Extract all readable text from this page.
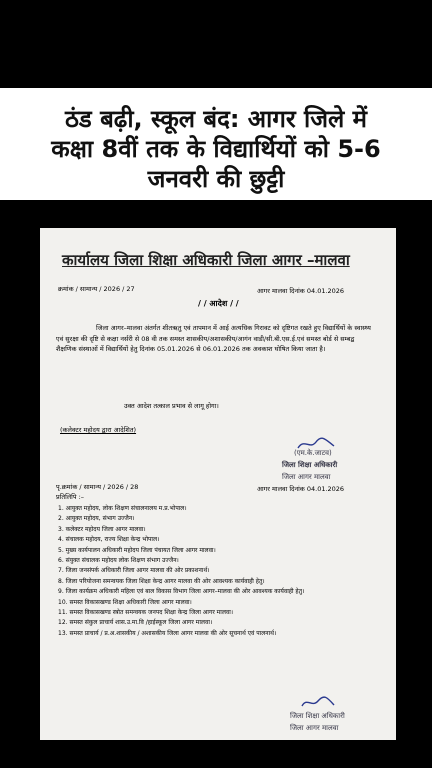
ठंड बढ़ी, स्कूल बंद: आगर जिले में
कक्षा 8वीं तक के विद्यार्थियों को 5-6
जनवरी की छुट्टी
कार्यालय जिला शिक्षा अधिकारी जिला आगर –मालवा
क्रमांक / सामान्य / 2026 / 27	आगर मालवा दिनांक 04.01.2026
/ / आदेश / /
जिला आगर–मालवा अंतर्गत शीतऋतु एवं तापमान में आई अत्यधिक गिरावट को दृष्टिगत रखते हुए विद्यार्थियों के स्वास्थ्य एवं सुरक्षा की दृष्टि से कक्षा नर्सरी से 08 वी तक समस्त शासकीय/अशासकीय/आगंन वाडी/सी.बी.एस.ई.एवं समस्त बोर्ड से सम्बद्व शैक्षणिक संस्थाओं में विद्यार्थियों हेतु दिनांक 05.01.2026 से 06.01.2026 तक अवकाश घोषित किया जाता है।
उक्त आदेश तत्काल प्रभाव से लागू होगा।
(कलेक्टर महोदय द्वारा आदेशित)
(एम.के.जाटव)
जिला शिक्षा अधिकारी
जिला आगर मालवा
पृ.क्रमांक / सामान्य / 2026 / 28	आगर मालवा दिनांक 04.01.2026
प्रतिलिपि :–
1. आयुक्त महोदय, लोक शिक्षण संचालनालय म.प्र.भोपाल।
2. आयुक्त महोदय, संभाग उज्जैन।
3. कलेक्टर महोदय जिला आगर मालवा।
4. संचालक महोदय, राज्य शिक्षा केन्द्र भोपाल।
5. मुख्य कार्यपालन अधिकारी महोदय जिला पंचायत जिला आगर मालवा।
6. संयुक्त संचालक महोदय लोक शिक्षण संभाग उज्जैन।
7. जिला जनसंपर्क अधिकारी जिला आगर मालवा की ओर प्रकाशनार्थ।
8. जिला परियोजना समन्वयक जिला शिक्षा केन्द्र आगर मालवा की ओर आवश्यक कार्यवाही हेतु।
9. जिला कार्यक्रम अधिकारी महिला एवं बाल विकास विभाग जिला आगर–मालवा की ओर आवश्यक कार्यवाही हेतु।
10. समस्त विकासखण्ड शिक्षा अधिकारी जिला आगर मालवा।
11. समस्त विकासखण्ड स्त्रोत समन्वयक जनपद शिक्षा केन्द्र जिला आगर मालवा।
12. समस्त संकुल प्राचार्य शास.उ.मा.वि /हाईस्कूल जिला आगर मालवा।
13. समस्त प्राचार्य / प्र.अ.शासकीय / अशासकीय जिला आगर मालवा की ओर सूचनार्थ एवं पालनार्थ।
जिला शिक्षा अधिकारी
जिला आगर मालवा
